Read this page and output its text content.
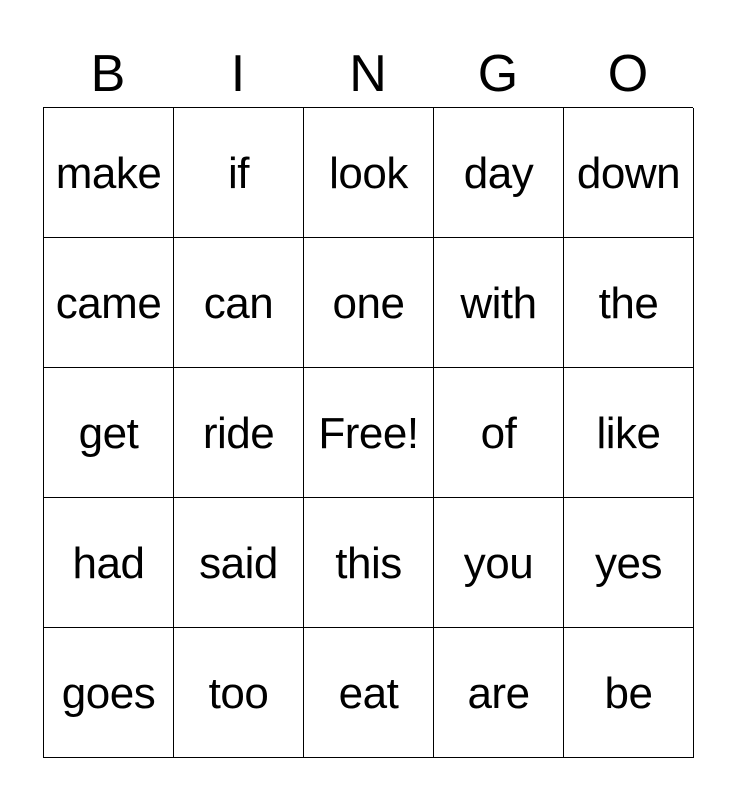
B	I	N	G	O
make if look day down
came can one with the
get ride Free! of like
had said this you yes
goes too eat are be
